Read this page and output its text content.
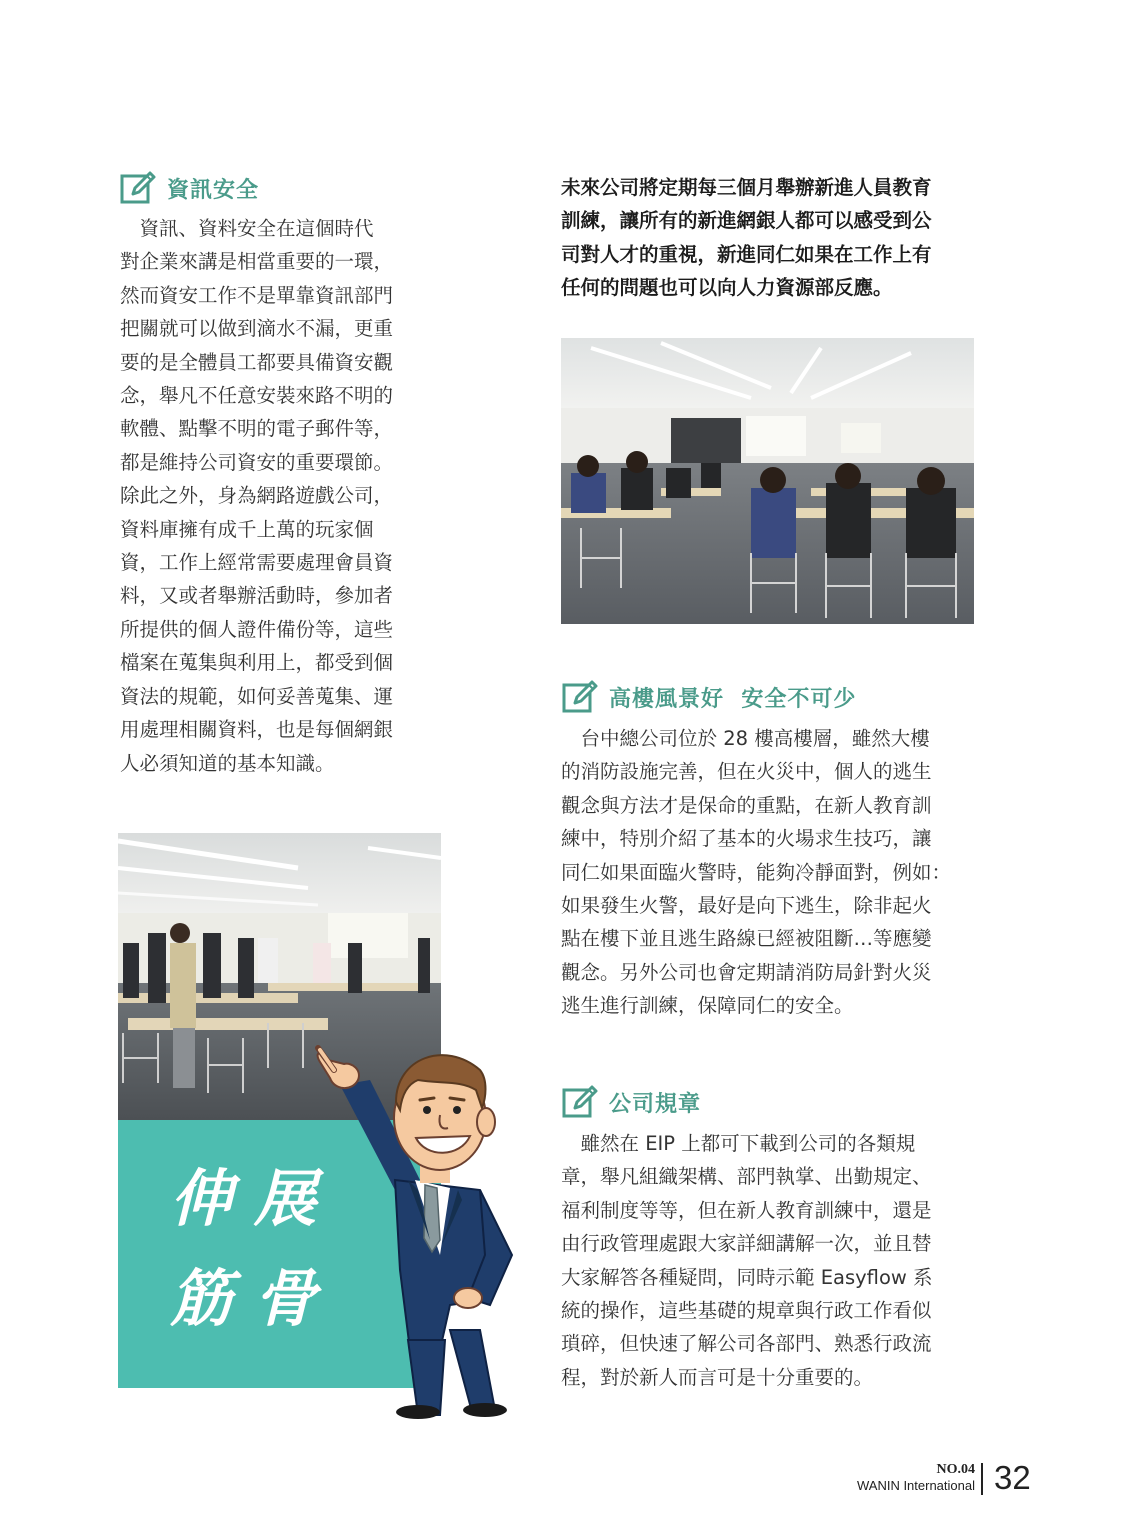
資訊安全
　資訊、資料安全在這個時代
對企業來講是相當重要的一環，
然而資安工作不是單靠資訊部門
把關就可以做到滴水不漏，更重
要的是全體員工都要具備資安觀
念，舉凡不任意安裝來路不明的
軟體、點擊不明的電子郵件等，
都是維持公司資安的重要環節。
除此之外，身為網路遊戲公司，
資料庫擁有成千上萬的玩家個
資，工作上經常需要處理會員資
料，又或者舉辦活動時，參加者
所提供的個人證件備份等，這些
檔案在蒐集與利用上，都受到個
資法的規範，如何妥善蒐集、運
用處理相關資料，也是每個網銀
人必須知道的基本知識。
伸展
筋骨
未來公司將定期每三個月舉辦新進人員教育
訓練，讓所有的新進網銀人都可以感受到公
司對人才的重視，新進同仁如果在工作上有
任何的問題也可以向人力資源部反應。
高樓風景好  安全不可少
　台中總公司位於 28 樓高樓層，雖然大樓
的消防設施完善，但在火災中，個人的逃生
觀念與方法才是保命的重點，在新人教育訓
練中，特別介紹了基本的火場求生技巧，讓
同仁如果面臨火警時，能夠冷靜面對，例如：
如果發生火警，最好是向下逃生，除非起火
點在樓下並且逃生路線已經被阻斷…等應變
觀念。另外公司也會定期請消防局針對火災
逃生進行訓練，保障同仁的安全。
公司規章
　雖然在 EIP 上都可下載到公司的各類規
章，舉凡組織架構、部門執掌、出勤規定、
福利制度等等，但在新人教育訓練中，還是
由行政管理處跟大家詳細講解一次，並且替
大家解答各種疑問，同時示範 Easyflow 系
統的操作，這些基礎的規章與行政工作看似
瑣碎，但快速了解公司各部門、熟悉行政流
程，對於新人而言可是十分重要的。
NO.04
WANIN International 32
